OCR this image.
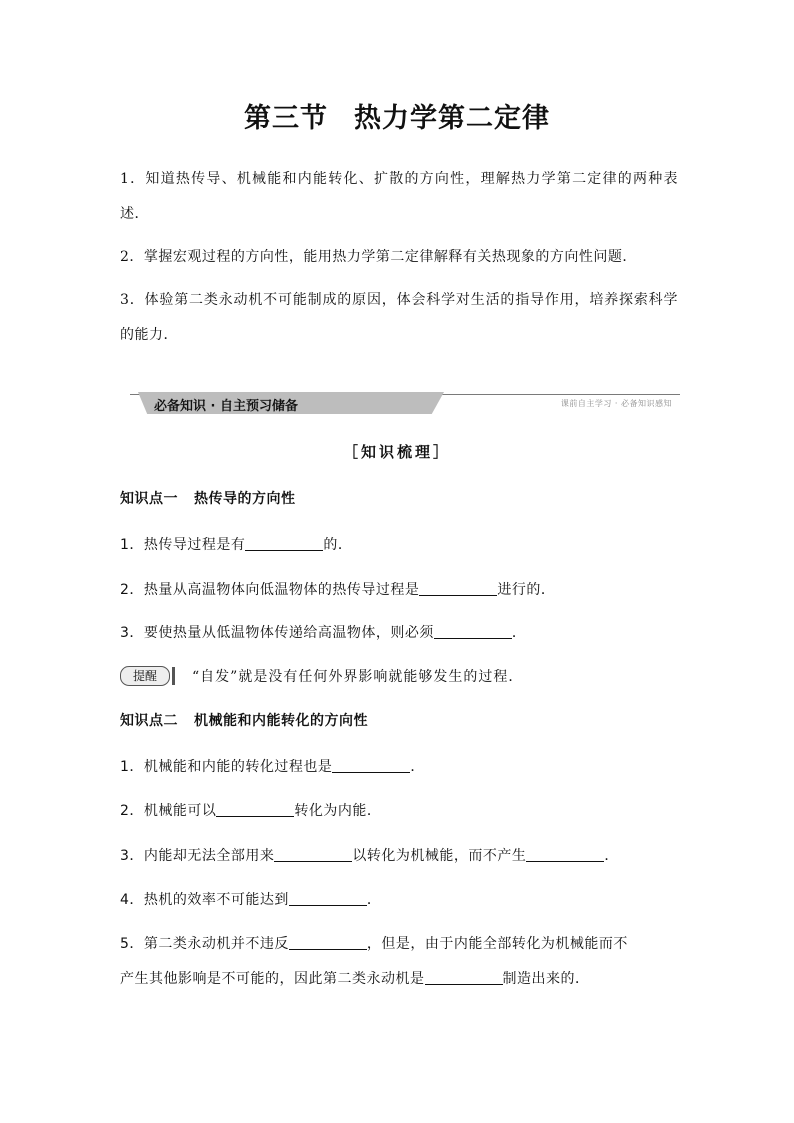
第三节 热力学第二定律

1．知道热传导、机械能和内能转化、扩散的方向性，理解热力学第二定律的两种表述．

2．掌握宏观过程的方向性，能用热力学第二定律解释有关热现象的方向性问题．

3．体验第二类永动机不可能制成的原因，体会科学对生活的指导作用，培养探索科学的能力．

必备知识 · 自主预习储备	课前自主学习 · 必备知识感知
［知识梳理］
知识点一 热传导的方向性
1．热传导过程是有	的．
2．热量从高温物体向低温物体的热传导过程是	进行的．
3．要使热量从低温物体传递给高温物体，则必须	．
提醒	“自发”就是没有任何外界影响就能够发生的过程．
知识点二 机械能和内能转化的方向性
1．机械能和内能的转化过程也是	．
2．机械能可以	转化为内能．
3．内能却无法全部用来	以转化为机械能，而不产生	．
4．热机的效率不可能达到	．
5．第二类永动机并不违反	，但是，由于内能全部转化为机械能而不
产生其他影响是不可能的，因此第二类永动机是	制造出来的．
